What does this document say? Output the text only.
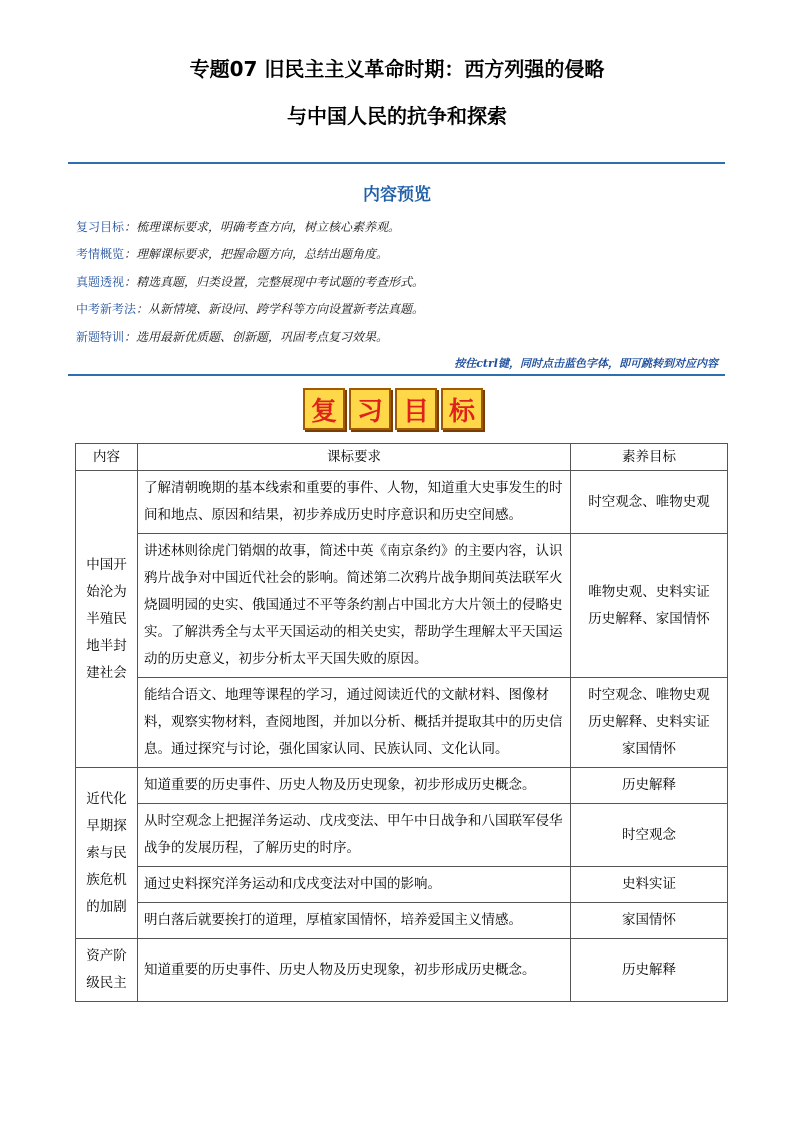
专题07 旧民主主义革命时期：西方列强的侵略
与中国人民的抗争和探索
内容预览
复习目标：梳理课标要求，明确考查方向，树立核心素养观。
考情概览：理解课标要求，把握命题方向，总结出题角度。
真题透视：精选真题，归类设置，完整展现中考试题的考查形式。
中考新考法：从新情境、新设问、跨学科等方向设置新考法真题。
新题特训：选用最新优质题、创新题，巩固考点复习效果。
按住ctrl键，同时点击蓝色字体，即可跳转到对应内容
复 习 目 标
内容	课标要求	素养目标

中国开
始沦为
半殖民
地半封
建社会	了解清朝晚期的基本线索和重要的事件、人物，知道重大史事发生的时间和地点、原因和结果，初步养成历史时序意识和历史空间感。	时空观念、唯物史观

	讲述林则徐虎门销烟的故事，简述中英《南京条约》的主要内容，认识鸦片战争对中国近代社会的影响。简述第二次鸦片战争期间英法联军火烧圆明园的史实、俄国通过不平等条约割占中国北方大片领土的侵略史实。了解洪秀全与太平天国运动的相关史实，帮助学生理解太平天国运动的历史意义，初步分析太平天国失败的原因。	唯物史观、史料实证
历史解释、家国情怀

	能结合语文、地理等课程的学习，通过阅读近代的文献材料、图像材料，观察实物材料，查阅地图，并加以分析、概括并提取其中的历史信息。通过探究与讨论，强化国家认同、民族认同、文化认同。	时空观念、唯物史观
历史解释、史料实证
家国情怀

近代化
早期探
索与民
族危机
的加剧	知道重要的历史事件、历史人物及历史现象，初步形成历史概念。	历史解释
	从时空观念上把握洋务运动、戊戌变法、甲午中日战争和八国联军侵华战争的发展历程，了解历史的时序。	时空观念
	通过史料探究洋务运动和戊戌变法对中国的影响。	史料实证
	明白落后就要挨打的道理，厚植家国情怀，培养爱国主义情感。	家国情怀

资产阶
级民主	知道重要的历史事件、历史人物及历史现象，初步形成历史概念。	历史解释
